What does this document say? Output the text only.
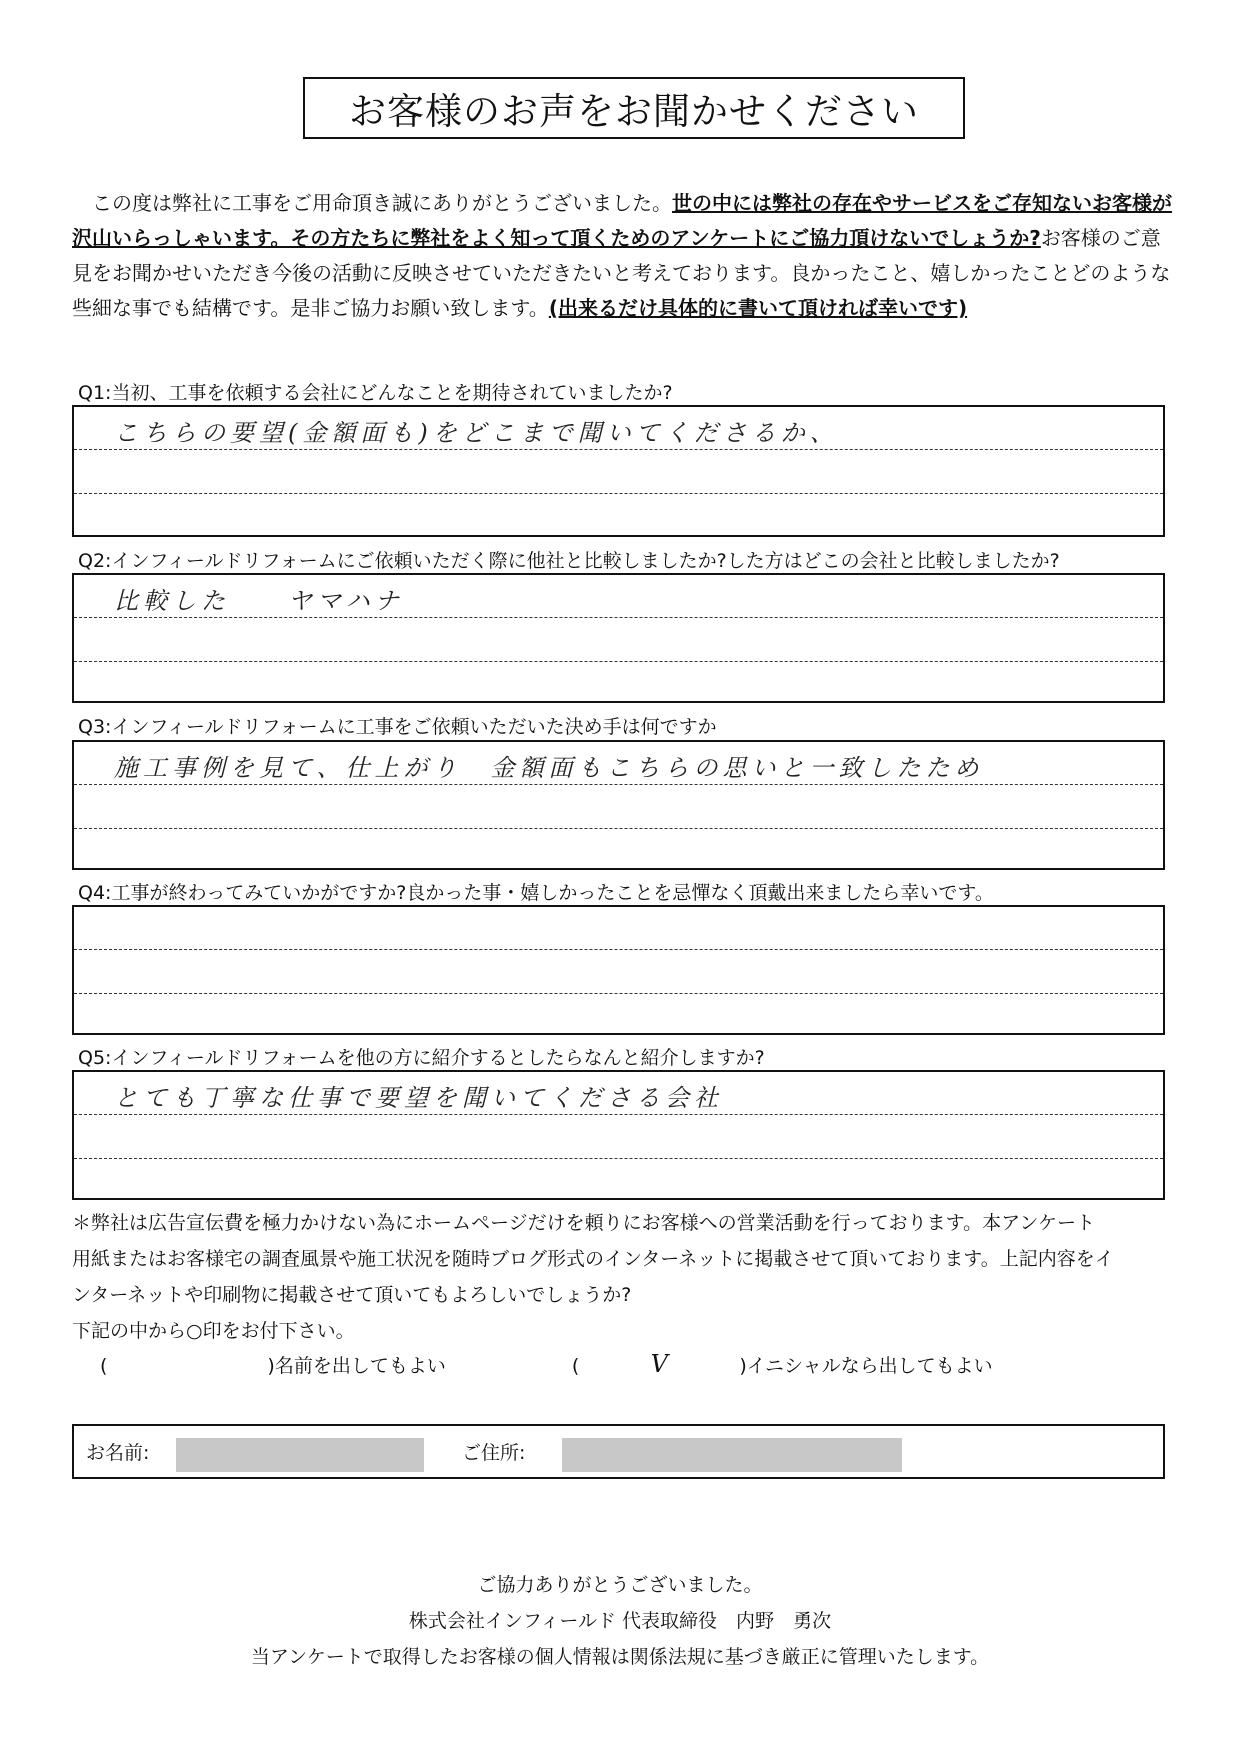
お客様のお声をお聞かせください

この度は弊社に工事をご用命頂き誠にありがとうございました。世の中には弊社の存在やサービスをご存知ないお客様が沢山いらっしゃいます。その方たちに弊社をよく知って頂くためのアンケートにご協力頂けないでしょうか?お客様のご意見をお聞かせいただき今後の活動に反映させていただきたいと考えております。良かったこと、嬉しかったことどのような些細な事でも結構です。是非ご協力お願い致します。(出来るだけ具体的に書いて頂ければ幸いです)

Q1:当初、工事を依頼する会社にどんなことを期待されていましたか?
こちらの要望(金額面も)をどこまで聞いてくださるか、
Q2:インフィールドリフォームにご依頼いただく際に他社と比較しましたか?した方はどこの会社と比較しましたか?
比較した　　ヤマハナ
Q3:インフィールドリフォームに工事をご依頼いただいた決め手は何ですか
施工事例を見て、仕上がり　金額面もこちらの思いと一致したため
Q4:工事が終わってみていかがですか?良かった事・嬉しかったことを忌憚なく頂戴出来ましたら幸いです。
Q5:インフィールドリフォームを他の方に紹介するとしたらなんと紹介しますか?
とても丁寧な仕事で要望を聞いてくださる会社

＊弊社は広告宣伝費を極力かけない為にホームページだけを頼りにお客様への営業活動を行っております。本アンケート

用紙またはお客様宅の調査風景や施工状況を随時ブログ形式のインターネットに掲載させて頂いております。上記内容をイ

ンターネットや印刷物に掲載させて頂いてもよろしいでしょうか?

下記の中から○印をお付下さい。

(	)名前を出してもよい	(	V	)イニシャルなら出してもよい
お名前:	ご住所:
ご協力ありがとうございました。
株式会社インフィールド 代表取締役　内野　勇次
当アンケートで取得したお客様の個人情報は関係法規に基づき厳正に管理いたします。
